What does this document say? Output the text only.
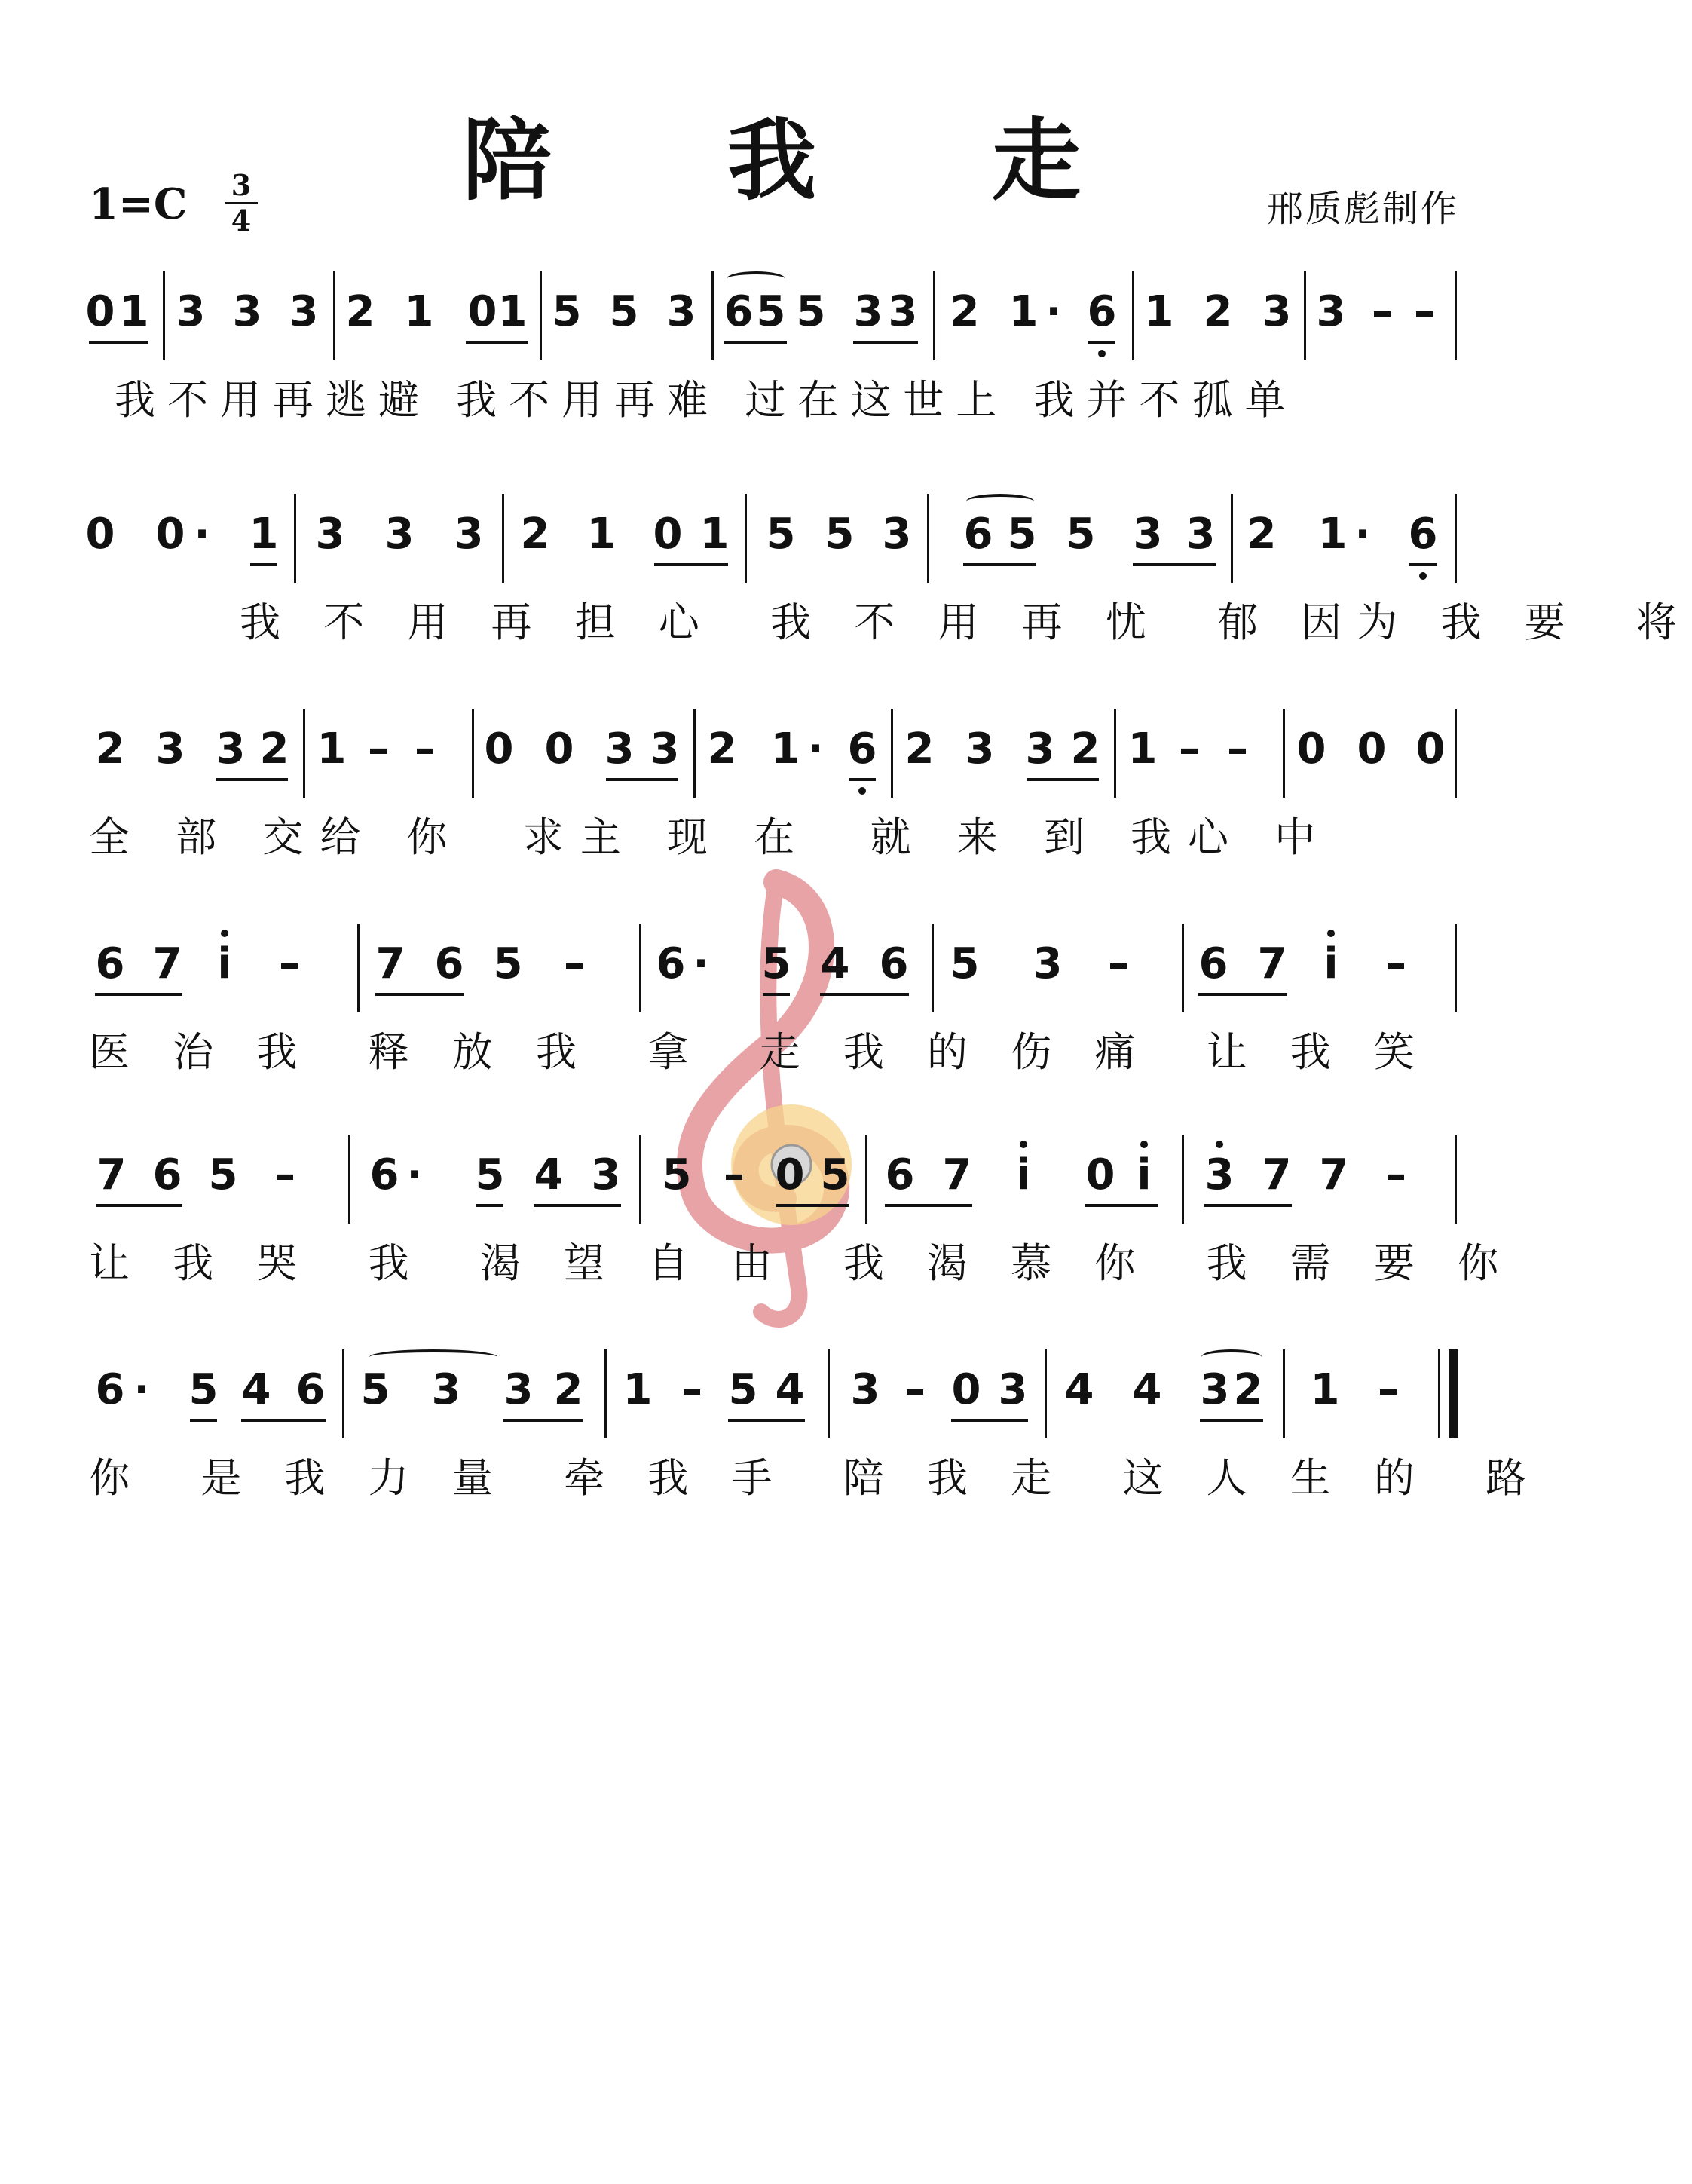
陪 我 走
1=C 3
4	邢质彪制作
0 1 3 3 3 2 1 0 1 5 5 3 6 5 5 3 3 2 1 · 6 1 2 3 3 – –
我不用再逃避 我不用再难 过在这世上 我并不孤单
0 0 · 1 3 3 3 2 1 0 1 5 5 3 6 5 5 3 3 2 1 · 6
我 不 用 再 担 心  我 不 用 再 忧  郁 因为 我 要  将
2 3 3 2 1 – – 0 0 3 3 2 1 · 6 2 3 3 2 1 – – 0 0 0
全 部 交给 你  求主 现 在  就 来 到 我心 中
6 7 i – 7 6 5 – 6 · 5 4 6 5 3 – 6 7 i –
医 治 我  释 放 我  拿  走 我 的 伤 痛  让 我 笑
7 6 5 – 6 · 5 4 3 5 – 0 5 6 7 i 0 i 3 7 7 –
让 我 哭  我  渴 望 自 由  我 渴 慕 你  我 需 要 你
6 · 5 4 6 5 3 3 2 1 – 5 4 3 – 0 3 4 4 3 2 1 –
你  是 我 力 量  牵 我 手  陪 我 走  这 人 生 的  路
